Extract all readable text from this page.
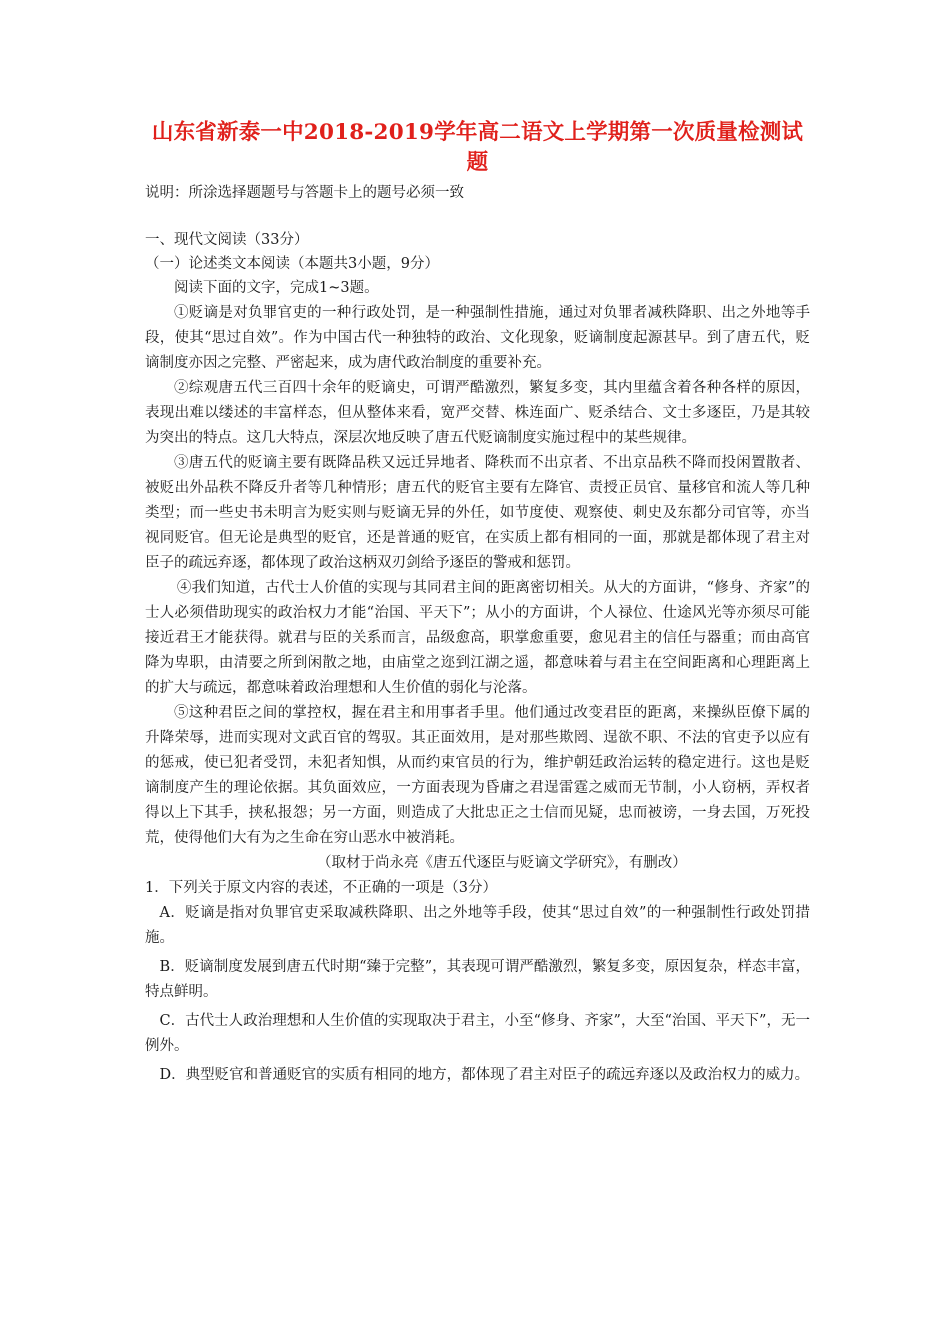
山东省新泰一中2018-2019学年高二语文上学期第一次质量检测试题

说明：所涂选择题题号与答题卡上的题号必须一致

一、现代文阅读（33分）

（一）论述类文本阅读（本题共3小题，9分）

阅读下面的文字，完成1~3题。

①贬谪是对负罪官吏的一种行政处罚，是一种强制性措施，通过对负罪者减秩降职、出之外地等手段，使其“思过自效”。作为中国古代一种独特的政治、文化现象，贬谪制度起源甚早。到了唐五代，贬谪制度亦因之完整、严密起来，成为唐代政治制度的重要补充。

②综观唐五代三百四十余年的贬谪史，可谓严酷激烈，繁复多变，其内里蕴含着各种各样的原因，表现出难以缕述的丰富样态，但从整体来看，宽严交替、株连面广、贬杀结合、文士多逐臣，乃是其较为突出的特点。这几大特点，深层次地反映了唐五代贬谪制度实施过程中的某些规律。

③唐五代的贬谪主要有既降品秩又远迁异地者、降秩而不出京者、不出京品秩不降而投闲置散者、被贬出外品秩不降反升者等几种情形；唐五代的贬官主要有左降官、责授正员官、量移官和流人等几种类型；而一些史书未明言为贬实则与贬谪无异的外任，如节度使、观察使、刺史及东都分司官等，亦当视同贬官。但无论是典型的贬官，还是普通的贬官，在实质上都有相同的一面，那就是都体现了君主对臣子的疏远弃逐，都体现了政治这柄双刃剑给予逐臣的警戒和惩罚。

④我们知道，古代士人价值的实现与其同君主间的距离密切相关。从大的方面讲，“修身、齐家”的士人必须借助现实的政治权力才能“治国、平天下”；从小的方面讲，个人禄位、仕途风光等亦须尽可能接近君王才能获得。就君与臣的关系而言，品级愈高，职掌愈重要，愈见君主的信任与器重；而由高官降为卑职，由清要之所到闲散之地，由庙堂之迩到江湖之遥，都意味着与君主在空间距离和心理距离上的扩大与疏远，都意味着政治理想和人生价值的弱化与沦落。

⑤这种君臣之间的掌控权，握在君主和用事者手里。他们通过改变君臣的距离，来操纵臣僚下属的升降荣辱，进而实现对文武百官的驾驭。其正面效用，是对那些欺罔、逞欲不职、不法的官吏予以应有的惩戒，使已犯者受罚，未犯者知惧，从而约束官员的行为，维护朝廷政治运转的稳定进行。这也是贬谪制度产生的理论依据。其负面效应，一方面表现为昏庸之君逞雷霆之威而无节制，小人窃柄，弄权者得以上下其手，挟私报怨；另一方面，则造成了大批忠正之士信而见疑，忠而被谤，一身去国，万死投荒，使得他们大有为之生命在穷山恶水中被消耗。

（取材于尚永亮《唐五代逐臣与贬谪文学研究》，有删改）

1．下列关于原文内容的表述，不正确的一项是（3分）

A．贬谪是指对负罪官吏采取减秩降职、出之外地等手段，使其“思过自效”的一种强制性行政处罚措施。

B．贬谪制度发展到唐五代时期“臻于完整”，其表现可谓严酷激烈，繁复多变，原因复杂，样态丰富，特点鲜明。

C．古代士人政治理想和人生价值的实现取决于君主，小至“修身、齐家”，大至“治国、平天下”，无一例外。

D．典型贬官和普通贬官的实质有相同的地方，都体现了君主对臣子的疏远弃逐以及政治权力的威力。
